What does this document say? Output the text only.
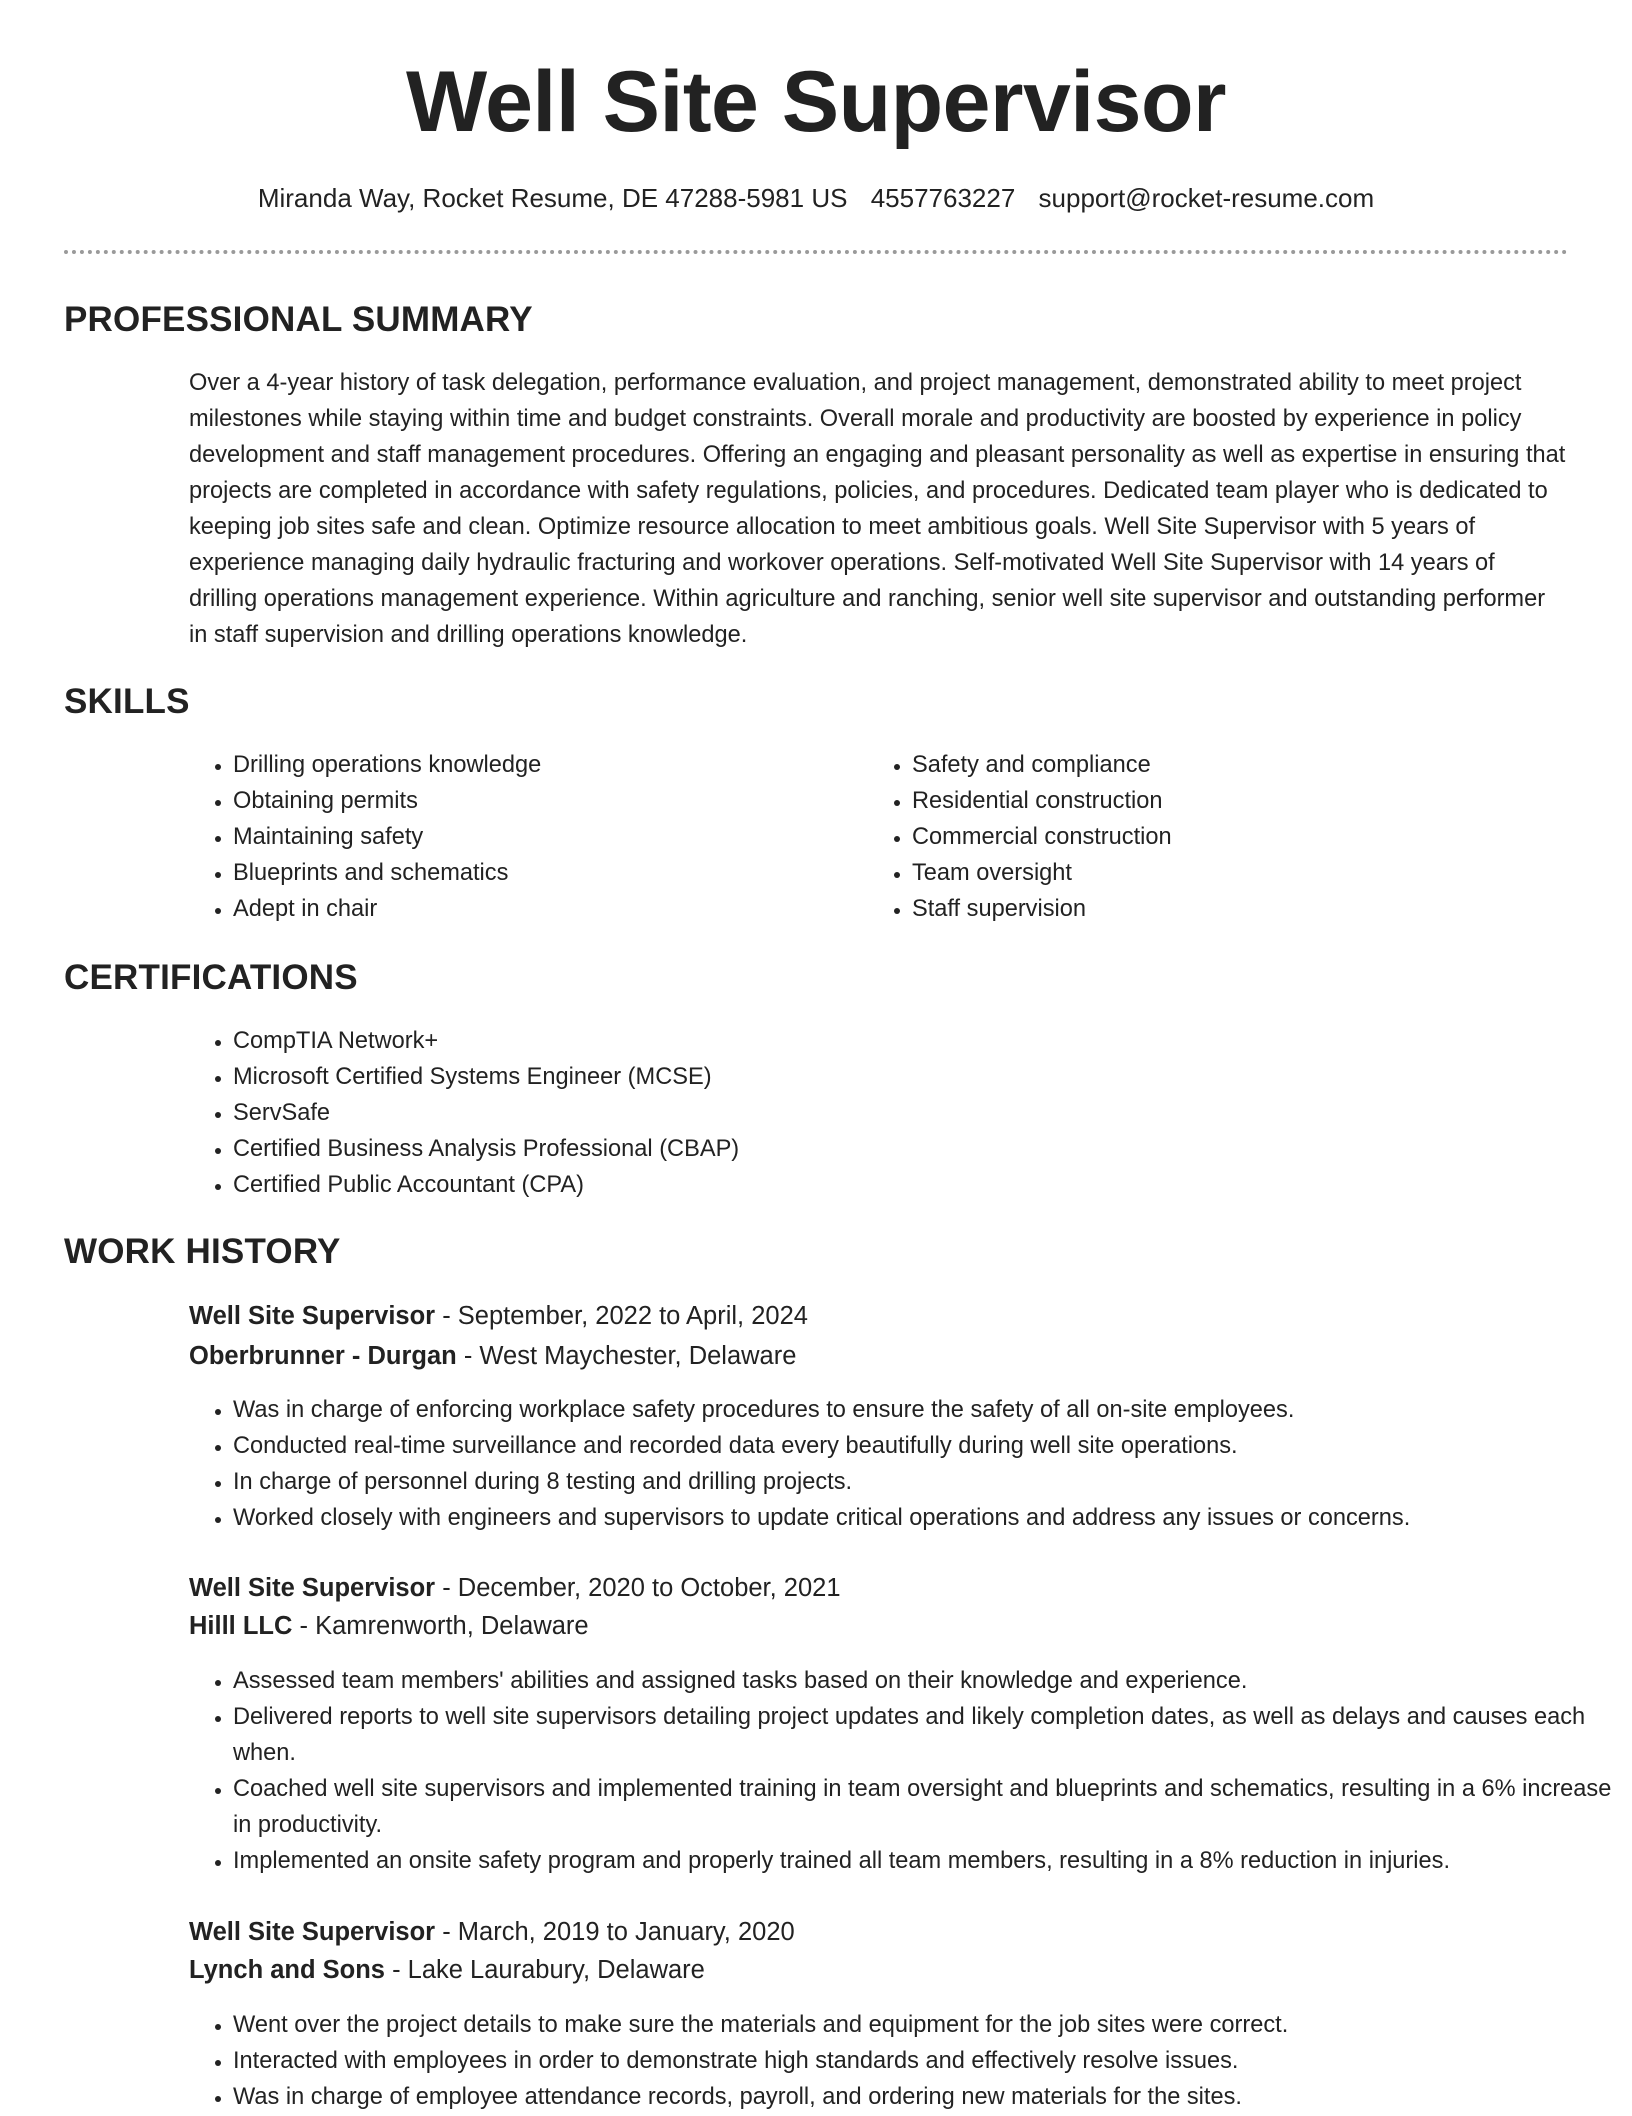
Well Site Supervisor
Miranda Way, Rocket Resume, DE 47288-5981 US 4557763227 support@rocket-resume.com
PROFESSIONAL SUMMARY

Over a 4-year history of task delegation, performance evaluation, and project management, demonstrated ability to meet project milestones while staying within time and budget constraints. Overall morale and productivity are boosted by experience in policy development and staff management procedures. Offering an engaging and pleasant personality as well as expertise in ensuring that projects are completed in accordance with safety regulations, policies, and procedures. Dedicated team player who is dedicated to keeping job sites safe and clean. Optimize resource allocation to meet ambitious goals. Well Site Supervisor with 5 years of experience managing daily hydraulic fracturing and workover operations. Self-motivated Well Site Supervisor with 14 years of drilling operations management experience. Within agriculture and ranching, senior well site supervisor and outstanding performer in staff supervision and drilling operations knowledge.

SKILLS
• Drilling operations knowledge
• Obtaining permits
• Maintaining safety
• Blueprints and schematics
• Adept in chair
• Safety and compliance
• Residential construction
• Commercial construction
• Team oversight
• Staff supervision
CERTIFICATIONS
• CompTIA Network+
• Microsoft Certified Systems Engineer (MCSE)
• ServSafe
• Certified Business Analysis Professional (CBAP)
• Certified Public Accountant (CPA)
WORK HISTORY
Well Site Supervisor - September, 2022 to April, 2024
Oberbrunner - Durgan - West Maychester, Delaware
• Was in charge of enforcing workplace safety procedures to ensure the safety of all on-site employees.
• Conducted real-time surveillance and recorded data every beautifully during well site operations.
• In charge of personnel during 8 testing and drilling projects.
• Worked closely with engineers and supervisors to update critical operations and address any issues or concerns.
Well Site Supervisor - December, 2020 to October, 2021
Hilll LLC - Kamrenworth, Delaware
• Assessed team members' abilities and assigned tasks based on their knowledge and experience.
• Delivered reports to well site supervisors detailing project updates and likely completion dates, as well as delays and causes each when.
• Coached well site supervisors and implemented training in team oversight and blueprints and schematics, resulting in a 6% increase in productivity.
• Implemented an onsite safety program and properly trained all team members, resulting in a 8% reduction in injuries.
Well Site Supervisor - March, 2019 to January, 2020
Lynch and Sons - Lake Laurabury, Delaware
• Went over the project details to make sure the materials and equipment for the job sites were correct.
• Interacted with employees in order to demonstrate high standards and effectively resolve issues.
• Was in charge of employee attendance records, payroll, and ordering new materials for the sites.
